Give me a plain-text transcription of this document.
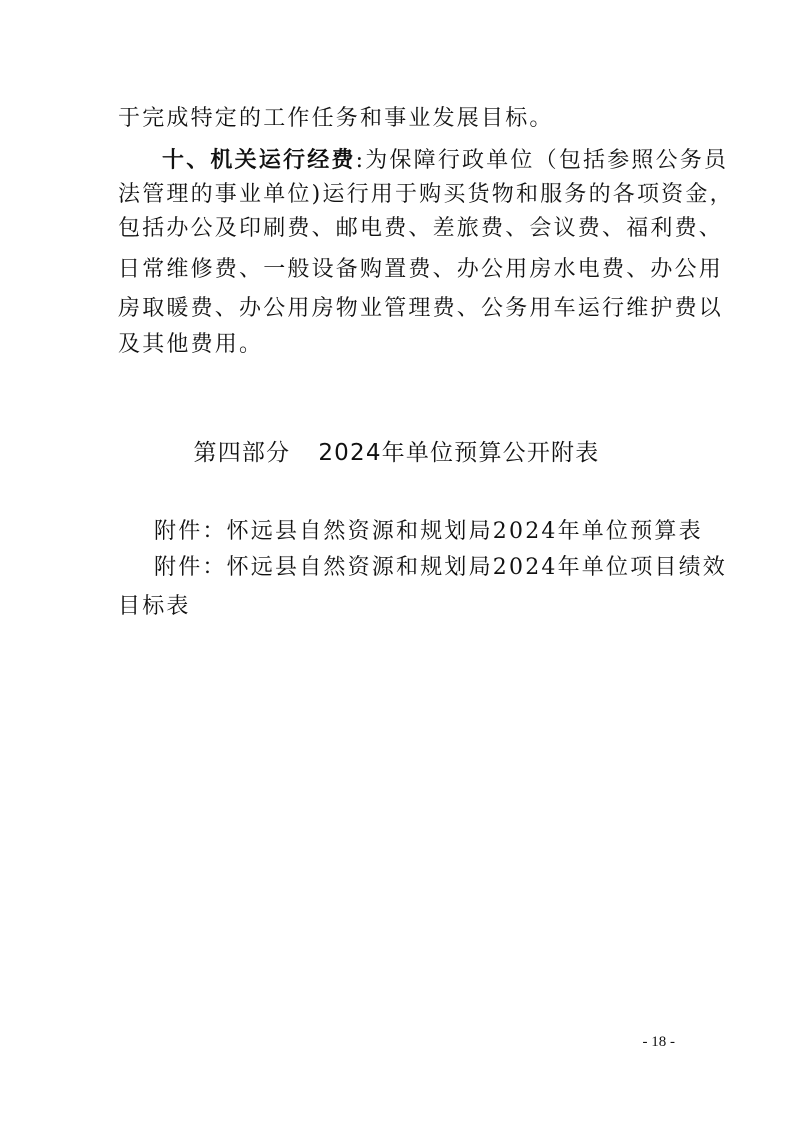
于完成特定的工作任务和事业发展目标。
十、机关运行经费:为保障行政单位（包括参照公务员
法管理的事业单位)运行用于购买货物和服务的各项资金，
包括办公及印刷费、邮电费、差旅费、会议费、福利费、
日常维修费、一般设备购置费、办公用房水电费、办公用
房取暖费、办公用房物业管理费、公务用车运行维护费以
及其他费用。
第四部分 2024年单位预算公开附表
附件：怀远县自然资源和规划局2024年单位预算表
附件：怀远县自然资源和规划局2024年单位项目绩效
目标表
- 18 -
